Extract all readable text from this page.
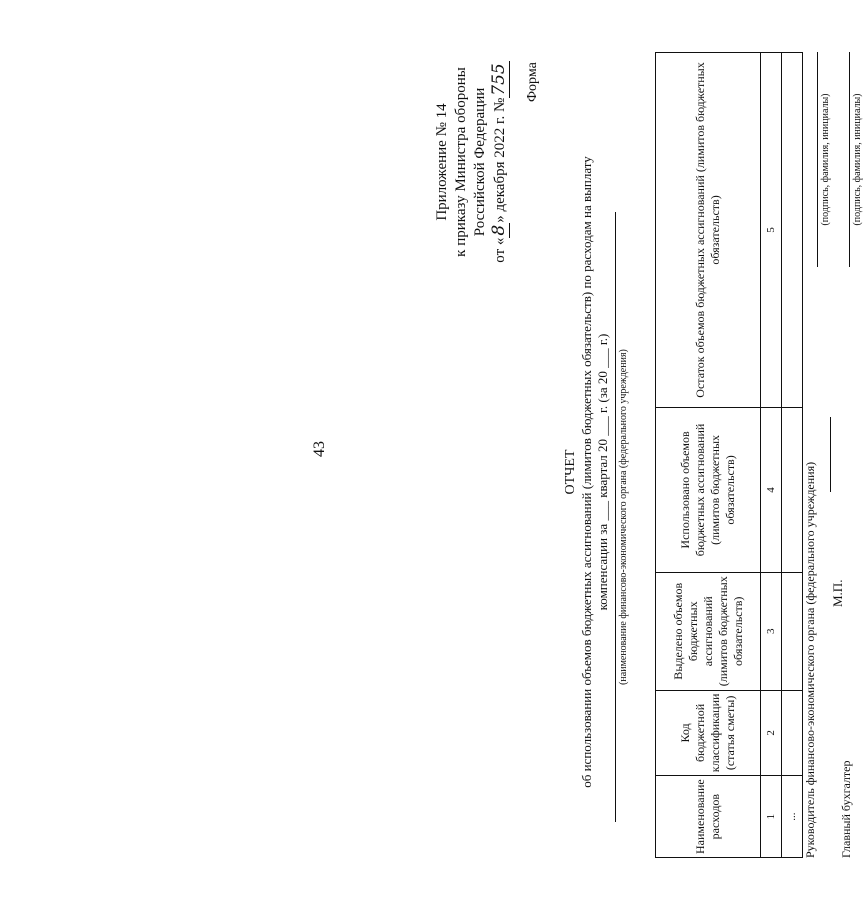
43
Приложение № 14 к приказу Министра обороны Российской Федерации
от «8» декабря 2022 г. №755 Форма
ОТЧЕТ об использовании объемов бюджетных ассигнований (лимитов бюджетных обязательств) по расходам на выплату компенсации за ___ квартал 20 ___ г. (за 20 ___ г.) (наименование финансово-экономического органа (федерального учреждения)
Наименование расходов	Код бюджетной классификации (статья сметы)	Выделено объемов бюджетных ассигнований (лимитов бюджетных обязательств)	Использовано объемов бюджетных ассигнований (лимитов бюджетных обязательств)	Остаток объемов бюджетных ассигнований (лимитов бюджетных обязательств)
1	2	3	4	5
...				Руководитель финансово-экономического органа (федерального учреждения)
(подпись, фамилия, инициалы)
Главный бухгалтер
(подпись, фамилия, инициалы)
М.П.
